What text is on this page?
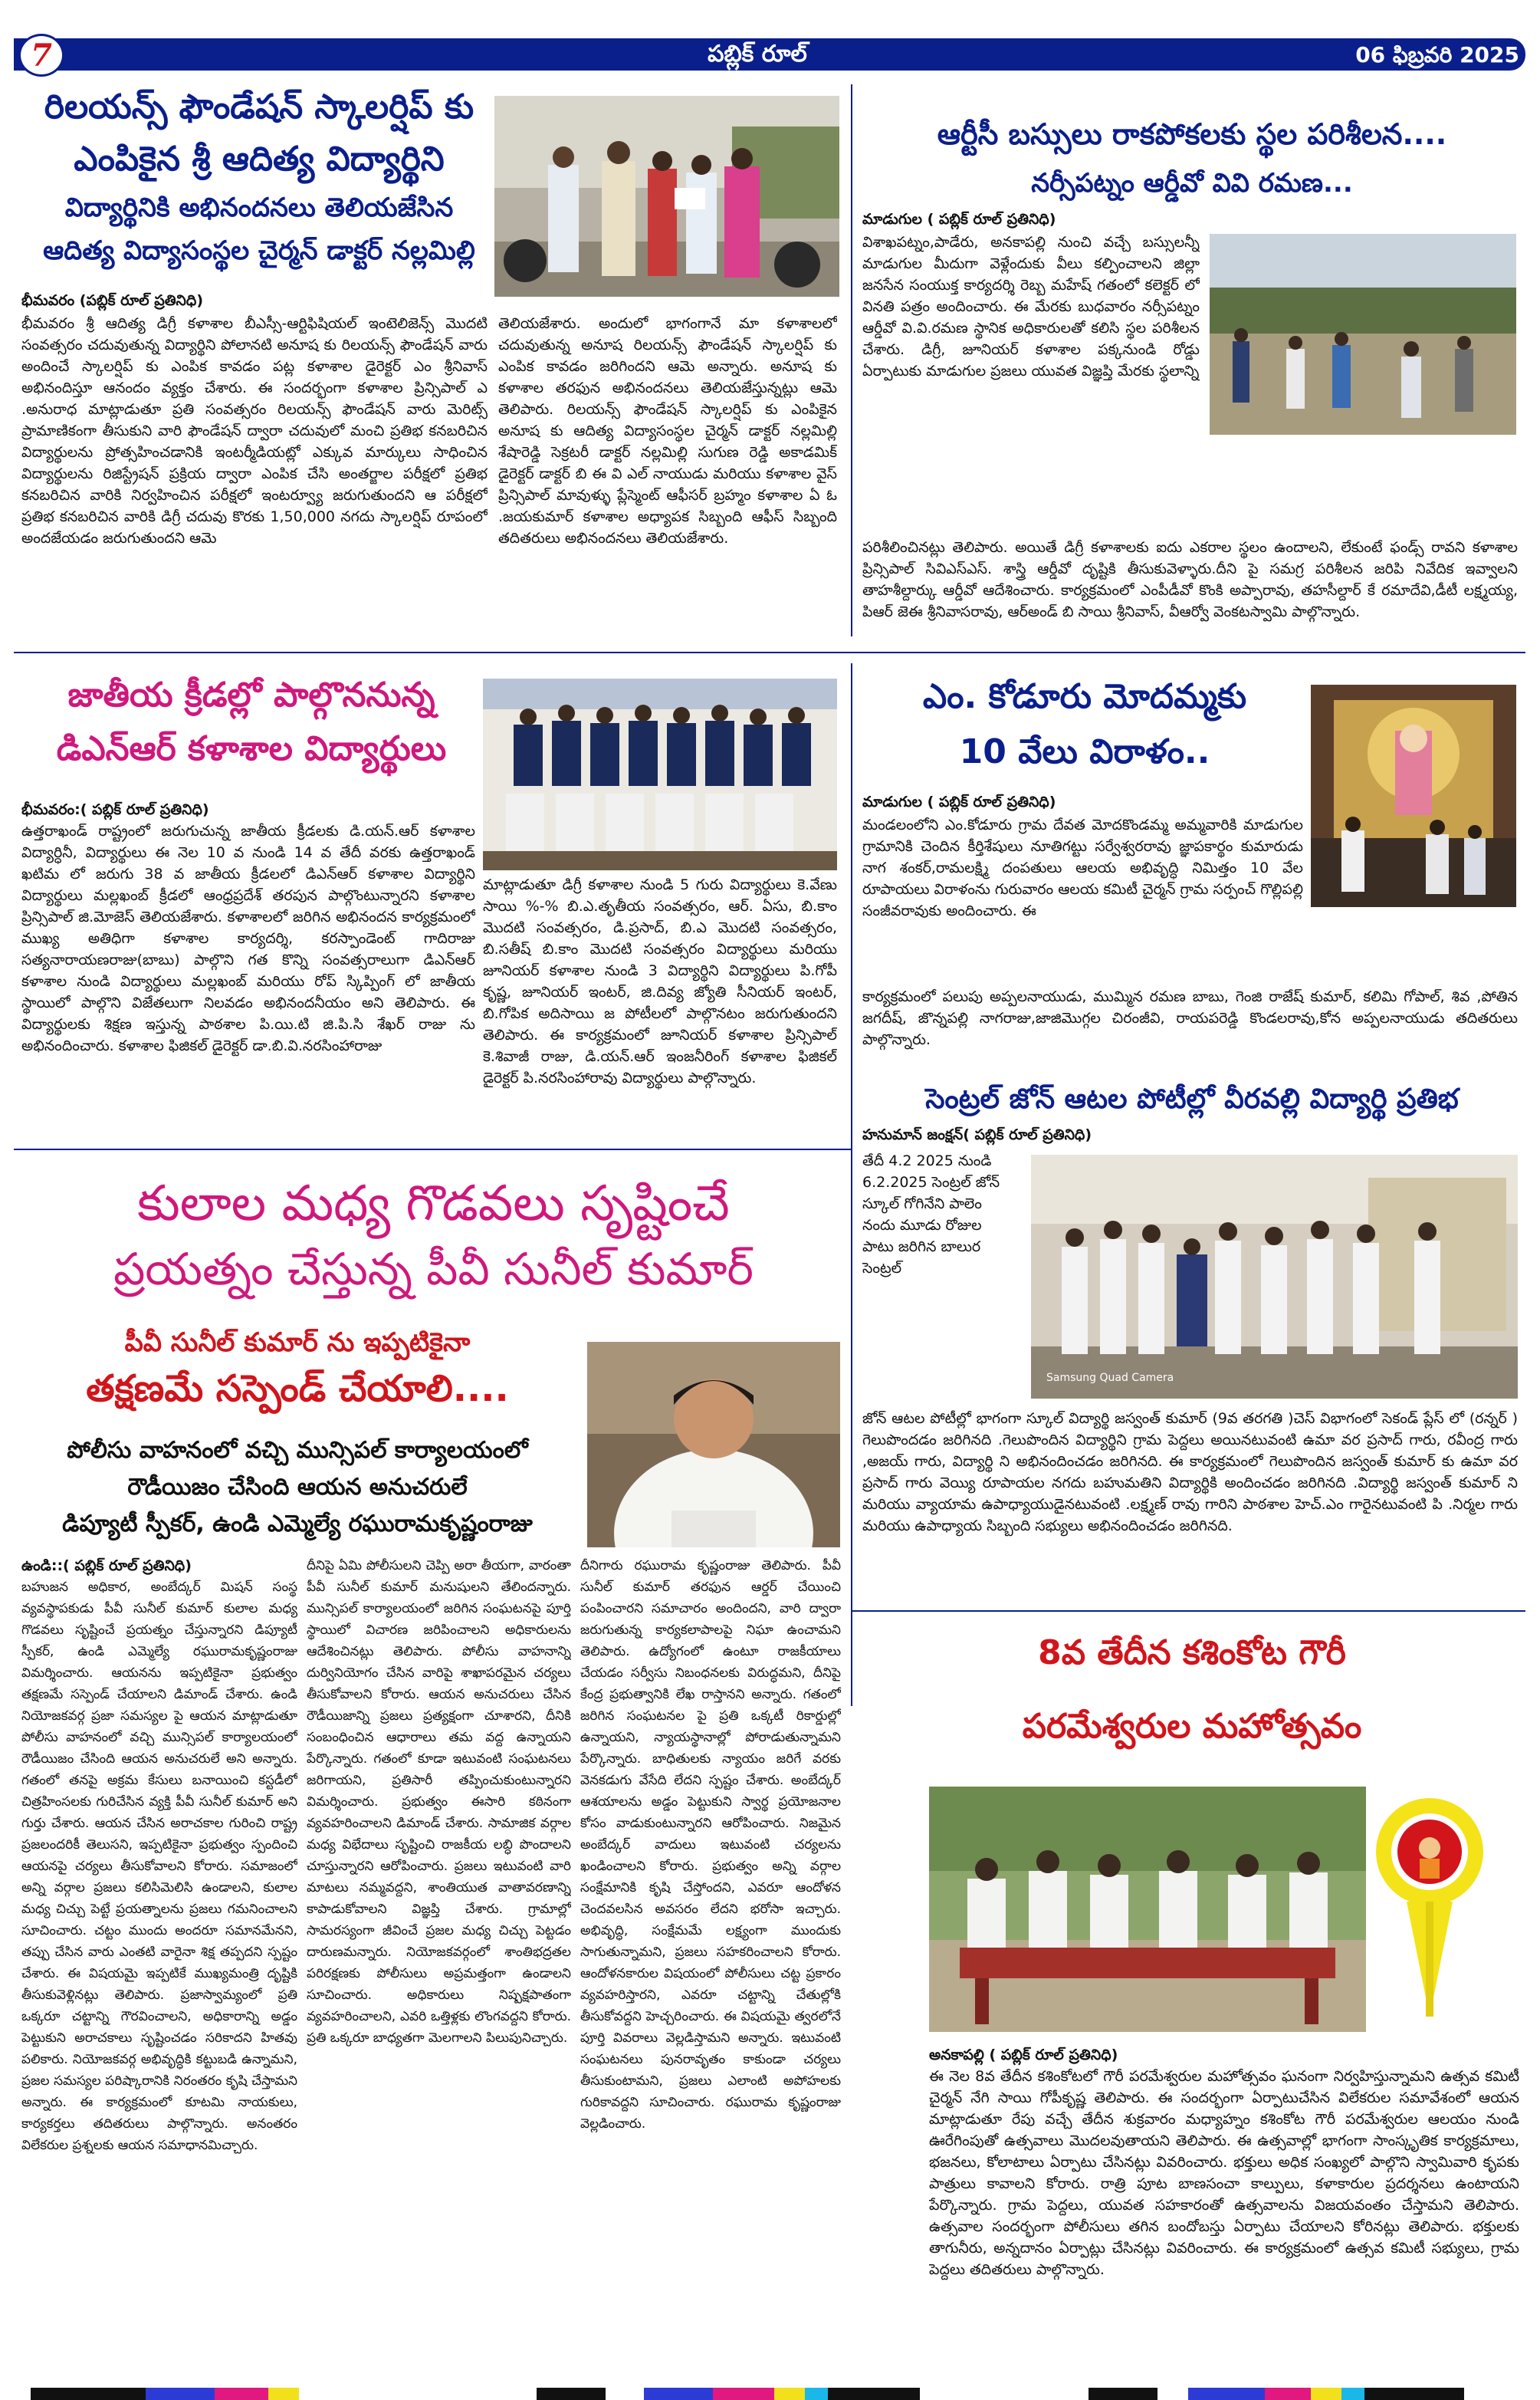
7	పబ్లిక్ రూల్	06 ఫిబ్రవరి 2025
రిలయన్స్ ఫౌండేషన్ స్కాలర్షిప్ కు
ఎంపికైన శ్రీ ఆదిత్య విద్యార్థిని
విద్యార్థినికి అభినందనలు తెలియజేసిన
ఆదిత్య విద్యాసంస్థల చైర్మన్ డాక్టర్ నల్లమిల్లి
భీమవరం (పబ్లిక్ రూల్ ప్రతినిధి)
భీమవరం శ్రీ ఆదిత్య డిగ్రీ కళాశాల బీఎస్సీ-ఆర్టిఫిషియల్ ఇంటెలిజెన్స్ మొదటి సంవత్సరం చదువుతున్న విద్యార్థిని పోలానటి అనూష కు రిలయన్స్ ఫౌండేషన్ వారు అందించే స్కాలర్షిప్ కు ఎంపిక కావడం పట్ల కళాశాల డైరెక్టర్ ఎం శ్రీనివాస్ అభినందిస్తూ ఆనందం వ్యక్తం చేశారు. ఈ సందర్భంగా కళాశాల ప్రిన్సిపాల్ ఎ .అనురాధ మాట్లాడుతూ ప్రతి సంవత్సరం రిలయన్స్ ఫౌండేషన్ వారు మెరిట్స్ ప్రామాణికంగా తీసుకుని వారి ఫౌండేషన్ ద్వారా చదువులో మంచి ప్రతిభ కనబరిచిన విద్యార్థులను ప్రోత్సహించడానికి ఇంటర్మీడియట్లో ఎక్కువ మార్కులు సాధించిన విద్యార్థులను రిజిస్ట్రేషన్ ప్రక్రియ ద్వారా ఎంపిక చేసి అంతర్జాల పరీక్షలో ప్రతిభ కనబరిచిన వారికి నిర్వహించిన పరీక్షలో ఇంటర్వ్యూ జరుగుతుందని ఆ పరీక్షలో ప్రతిభ కనబరిచిన వారికి డిగ్రీ చదువు కొరకు 1,50,000 నగదు స్కాలర్షిప్ రూపంలో అందజేయడం జరుగుతుందని ఆమె
తెలియజేశారు. అందులో భాగంగానే మా కళాశాలలో చదువుతున్న అనూష రిలయన్స్ ఫౌండేషన్ స్కాలర్షిప్ కు ఎంపిక కావడం జరిగిందని ఆమె అన్నారు. అనూష కు కళాశాల తరఫున అభినందనలు తెలియజేస్తున్నట్లు ఆమె తెలిపారు. రిలయన్స్ ఫౌండేషన్ స్కాలర్షిప్ కు ఎంపికైన అనూష కు ఆదిత్య విద్యాసంస్థల చైర్మన్ డాక్టర్ నల్లమిల్లి శేషారెడ్డి సెక్రటరీ డాక్టర్ నల్లమిల్లి సుగుణ రెడ్డి అకాడమిక్ డైరెక్టర్ డాక్టర్ బి ఈ వి ఎల్ నాయుడు మరియు కళాశాల వైస్ ప్రిన్సిపాల్ మావుళ్ళు ప్లేస్మెంట్ ఆఫీసర్ బ్రహ్మం కళాశాల ఏ ఓ .జయకుమార్ కళాశాల అధ్యాపక సిబ్బంది ఆఫీస్ సిబ్బంది తదితరులు అభినందనలు తెలియజేశారు.
ఆర్టీసీ బస్సులు రాకపోకలకు స్థల పరిశీలన....
నర్సీపట్నం ఆర్డీవో వివి రమణ...
మాడుగుల ( పబ్లిక్ రూల్ ప్రతినిధి)
విశాఖపట్నం,పాడేరు, అనకాపల్లి నుంచి వచ్చే బస్సులన్నీ మాడుగుల మీదుగా వెళ్లేందుకు వీలు కల్పించాలని జిల్లా జనసేన సంయుక్త కార్యదర్శి రెబ్బ మహేష్ గతంలో కలెక్టర్ లో వినతి పత్రం అందించారు. ఈ మేరకు బుధవారం నర్సీపట్నం ఆర్డీవో వి.వి.రమణ స్థానిక అధికారులతో కలిసి స్థల పరిశీలన చేశారు. డిగ్రీ, జూనియర్ కళాశాల పక్కనుండి రోడ్డు ఏర్పాటుకు మాడుగుల ప్రజలు యువత విజ్ఞప్తి మేరకు స్థలాన్ని
పరిశీలించినట్లు తెలిపారు. అయితే డిగ్రీ కళాశాలకు ఐదు ఎకరాల స్థలం ఉందాలని, లేకుంటే ఫండ్స్ రావని కళాశాల ప్రిన్సిపాల్ సివిఎస్ఎస్. శాస్త్రి ఆర్డీవో దృష్టికి తీసుకువెళ్ళారు.దీని పై సమగ్ర పరిశీలన జరిపి నివేదిక ఇవ్వాలని తాహశీల్దార్కు ఆర్డీవో ఆదేశించారు. కార్యక్రమంలో ఎంపీడీవో కొంకి అప్పారావు, తహసీల్దార్ కే రమాదేవి,డీటీ లక్ష్మయ్య, పిఆర్ జెఈ శ్రీనివాసరావు, ఆర్అండ్ బి సాయి శ్రీనివాస్, వీఆర్వో వెంకటస్వామి పాల్గొన్నారు.
జాతీయ క్రీడల్లో పాల్గొననున్న
డిఎన్ఆర్ కళాశాల విద్యార్థులు
భీమవరం:( పబ్లిక్ రూల్ ప్రతినిధి)
ఉత్తరాఖండ్ రాష్ట్రంలో జరుగుచున్న జాతీయ క్రీడలకు డి.యన్.ఆర్ కళాశాల విద్యార్ధినీ, విద్యార్థులు ఈ నెల 10 వ నుండి 14 వ తేదీ వరకు ఉత్తరాఖండ్ ఖటిమ లో జరుగు 38 వ జాతీయ క్రీడలలో డిఎన్ఆర్ కళాశాల విద్యార్థిని విద్యార్థులు మల్లఖంబ్ క్రీడలో ఆంధ్రప్రదేశ్ తరపున పాల్గొంటున్నారని కళాశాల ప్రిన్సిపాల్ జి.మోజెస్ తెలియజేశారు. కళాశాలలో జరిగిన అభినందన కార్యక్రమంలో ముఖ్య అతిధిగా కళాశాల కార్యదర్శి, కరస్పాండెంట్ గాదిరాజు సత్యనారాయణరాజు(బాబు) పాల్గొని గత కొన్ని సంవత్సరాలుగా డిఎన్ఆర్ కళాశాల నుండి విద్యార్థులు మల్లఖంబ్ మరియు రోప్ స్కిప్పింగ్ లో జాతీయ స్థాయిలో పాల్గొని విజేతలుగా నిలవడం అభినందనీయం అని తెలిపారు. ఈ విద్యార్థులకు శిక్షణ ఇస్తున్న పాఠశాల పి.యి.టి జి.పి.సి శేఖర్ రాజు ను అభినందించారు. కళాశాల ఫిజికల్ డైరెక్టర్ డా.బి.వి.నరసింహారాజు
మాట్లాడుతూ డిగ్రీ కళాశాల నుండి 5 గురు విద్యార్థులు కె.వేణు సాయి %-% బి.ఎ.తృతీయ సంవత్సరం, ఆర్. ఏసు, బి.కాం మొదటి సంవత్సరం, డి.ప్రసాద్, బి.ఎ మొదటి సంవత్సరం, బి.సతీష్ బి.కాం మొదటి సంవత్సరం విద్యార్థులు మరియు జూనియర్ కళాశాల నుండి 3 విద్యార్థిని విద్యార్థులు పి.గోపీ కృష్ణ, జూనియర్ ఇంటర్, జి.దివ్య జ్యోతి సీనియర్ ఇంటర్, బి.గోపిక అదిసాయి జ పోటీలలో పాల్గొనటం జరుగుతుందని తెలిపారు. ఈ కార్యక్రమంలో జూనియర్ కళాశాల ప్రిన్సిపాల్ కె.శివాజీ రాజు, డి.యన్.ఆర్ ఇంజనీరింగ్ కళాశాల ఫిజికల్ డైరెక్టర్ పి.నరసింహారావు విద్యార్థులు పాల్గొన్నారు.
ఎం. కోడూరు మోదమ్మకు
10 వేలు విరాళం..
మాడుగుల ( పబ్లిక్ రూల్ ప్రతినిధి)
మండలంలోని ఎం.కోడూరు గ్రామ దేవత మోదకొండమ్మ అమ్మవారికి మాడుగుల గ్రామానికి చెందిన కీర్తిశేషులు నూతిగట్టు సర్వేశ్వరరావు జ్ఞాపకార్థం కుమారుడు నాగ శంకర్,రామలక్ష్మి దంపతులు ఆలయ అభివృద్ధి నిమిత్తం 10 వేల రూపాయలు విరాళంను గురువారం ఆలయ కమిటీ చైర్మన్ గ్రామ సర్పంచ్ గొల్లిపల్లి సంజీవరావుకు అందించారు. ఈ
కార్యక్రమంలో పలుపు అప్పలనాయుడు, ముమ్మిన రమణ బాబు, గెంజి రాజేష్ కుమార్, కలిమి గోపాల్, శివ ,పోతిన జగదీష్, జొన్నపల్లి నాగరాజు,జాజిమొగ్గల చిరంజీవి, రాయపరెడ్డి కొండలరావు,కోన అప్పలనాయుడు తదితరులు పాల్గొన్నారు.
సెంట్రల్ జోన్ ఆటల పోటీల్లో వీరవల్లి విద్యార్థి ప్రతిభ
హనుమాన్ జంక్షన్( పబ్లిక్ రూల్ ప్రతినిధి)
తేదీ 4.2 2025 నుండి 6.2.2025 సెంట్రల్ జోన్ స్కూల్ గోగినేని పాలెం నందు మూడు రోజుల పాటు జరిగిన బాలుర సెంట్రల్
Samsung Quad Camera
జోన్ ఆటల పోటీల్లో భాగంగా స్కూల్ విద్యార్థి జస్వంత్ కుమార్ (9వ తరగతి )చెస్ విభాగంలో సెకండ్ ప్లేస్ లో (రన్నర్ ) గెలుపొందడం జరిగినది .గెలుపొందిన విద్యార్థిని గ్రామ పెద్దలు అయినటువంటి ఉమా వర ప్రసాద్ గారు, రవీంద్ర గారు ,అజయ్ గారు, విద్యార్థి ని అభినందించడం జరిగినది. ఈ కార్యక్రమంలో గెలుపొందిన జస్వంత్ కుమార్ కు ఉమా వర ప్రసాద్ గారు వెయ్యి రూపాయల నగదు బహుమతిని విద్యార్థికి అందించడం జరిగినది .విద్యార్థి జస్వంత్ కుమార్ ని మరియు వ్యాయామ ఉపాధ్యాయుడైనటువంటి .లక్ష్మణ్ రావు గారిని పాఠశాల హెచ్.ఎం గారైనటువంటి పి .నిర్మల గారు మరియు ఉపాధ్యాయ సిబ్బంది సభ్యులు అభినందించడం జరిగినది.
కులాల మధ్య గొడవలు సృష్టించే
ప్రయత్నం చేస్తున్న పీవీ సునీల్ కుమార్
పీవీ సునీల్ కుమార్ ను ఇప్పటికైనా
తక్షణమే సస్పెండ్ చేయాలి....
పోలీసు వాహనంలో వచ్చి మున్సిపల్ కార్యాలయంలో
రౌడీయిజం చేసింది ఆయన అనుచరులే
డిప్యూటీ స్పీకర్, ఉండి ఎమ్మెల్యే రఘురామకృష్ణంరాజు
ఉండి::( పబ్లిక్ రూల్ ప్రతినిధి)
బహుజన అధికార, అంబేద్కర్ మిషన్ సంస్థ వ్యవస్థాపకుడు పీవీ సునీల్ కుమార్ కులాల మధ్య గొడవలు సృష్టించే ప్రయత్నం చేస్తున్నారని డిప్యూటీ స్పీకర్, ఉండి ఎమ్మెల్యే రఘురామకృష్ణంరాజు విమర్శించారు. ఆయనను ఇప్పటికైనా ప్రభుత్వం తక్షణమే సస్పెండ్ చేయాలని డిమాండ్ చేశారు. ఉండి నియోజకవర్గ ప్రజా సమస్యల పై ఆయన మాట్లాడుతూ పోలీసు వాహనంలో వచ్చి మున్సిపల్ కార్యాలయంలో రౌడీయిజం చేసింది ఆయన అనుచరులే అని అన్నారు. గతంలో తనపై అక్రమ కేసులు బనాయించి కస్టడీలో చిత్రహింసలకు గురిచేసిన వ్యక్తి పీవీ సునీల్ కుమార్ అని గుర్తు చేశారు. ఆయన చేసిన అరాచకాల గురించి రాష్ట్ర ప్రజలందరికీ తెలుసని, ఇప్పటికైనా ప్రభుత్వం స్పందించి ఆయనపై చర్యలు తీసుకోవాలని కోరారు. సమాజంలో అన్ని వర్గాల ప్రజలు కలిసిమెలిసి ఉండాలని, కులాల మధ్య చిచ్చు పెట్టే ప్రయత్నాలను ప్రజలు గమనించాలని సూచించారు. చట్టం ముందు అందరూ సమానమేనని, తప్పు చేసిన వారు ఎంతటి వారైనా శిక్ష తప్పదని స్పష్టం చేశారు. ఈ విషయమై ఇప్పటికే ముఖ్యమంత్రి దృష్టికి తీసుకువెళ్లినట్లు తెలిపారు. ప్రజాస్వామ్యంలో ప్రతి ఒక్కరూ చట్టాన్ని గౌరవించాలని, అధికారాన్ని అడ్డం పెట్టుకుని అరాచకాలు సృష్టించడం సరికాదని హితవు పలికారు. నియోజకవర్గ అభివృద్ధికి కట్టుబడి ఉన్నామని, ప్రజల సమస్యల పరిష్కారానికి నిరంతరం కృషి చేస్తామని అన్నారు. ఈ కార్యక్రమంలో కూటమి నాయకులు, కార్యకర్తలు తదితరులు పాల్గొన్నారు. అనంతరం విలేకరుల ప్రశ్నలకు ఆయన సమాధానమిచ్చారు.
దీనిపై ఏమి పోలీసులని చెప్పి అరా తీయగా, వారంతా పీవీ సునీల్ కుమార్ మనుషులని తేలిందన్నారు. మున్సిపల్ కార్యాలయంలో జరిగిన సంఘటనపై పూర్తి స్థాయిలో విచారణ జరిపించాలని అధికారులను ఆదేశించినట్లు తెలిపారు. పోలీసు వాహనాన్ని దుర్వినియోగం చేసిన వారిపై శాఖాపరమైన చర్యలు తీసుకోవాలని కోరారు. ఆయన అనుచరులు చేసిన రౌడీయిజాన్ని ప్రజలు ప్రత్యక్షంగా చూశారని, దీనికి సంబంధించిన ఆధారాలు తమ వద్ద ఉన్నాయని పేర్కొన్నారు. గతంలో కూడా ఇటువంటి సంఘటనలు జరిగాయని, ప్రతిసారీ తప్పించుకుంటున్నారని విమర్శించారు. ప్రభుత్వం ఈసారి కఠినంగా వ్యవహరించాలని డిమాండ్ చేశారు. సామాజిక వర్గాల మధ్య విభేదాలు సృష్టించి రాజకీయ లబ్ధి పొందాలని చూస్తున్నారని ఆరోపించారు. ప్రజలు ఇటువంటి వారి మాటలు నమ్మవద్దని, శాంతియుత వాతావరణాన్ని కాపాడుకోవాలని విజ్ఞప్తి చేశారు. గ్రామాల్లో సామరస్యంగా జీవించే ప్రజల మధ్య చిచ్చు పెట్టడం దారుణమన్నారు. నియోజకవర్గంలో శాంతిభద్రతల పరిరక్షణకు పోలీసులు అప్రమత్తంగా ఉండాలని సూచించారు. అధికారులు నిష్పక్షపాతంగా వ్యవహరించాలని, ఎవరి ఒత్తిళ్లకు లొంగవద్దని కోరారు. ప్రతి ఒక్కరూ బాధ్యతగా మెలగాలని పిలుపునిచ్చారు.
దీనిగారు రఘురామ కృష్ణంరాజు తెలిపారు. పీవీ సునీల్ కుమార్ తరఫున ఆర్డర్ చేయించి పంపించారని సమాచారం అందిందని, వారి ద్వారా జరుగుతున్న కార్యకలాపాలపై నిఘా ఉంచామని తెలిపారు. ఉద్యోగంలో ఉంటూ రాజకీయాలు చేయడం సర్వీసు నిబంధనలకు విరుద్ధమని, దీనిపై కేంద్ర ప్రభుత్వానికి లేఖ రాస్తానని అన్నారు. గతంలో జరిగిన సంఘటనల పై ప్రతి ఒక్కటీ రికార్డుల్లో ఉన్నాయని, న్యాయస్థానాల్లో పోరాడుతున్నామని పేర్కొన్నారు. బాధితులకు న్యాయం జరిగే వరకు వెనకడుగు వేసేది లేదని స్పష్టం చేశారు. అంబేద్కర్ ఆశయాలను అడ్డం పెట్టుకుని స్వార్థ ప్రయోజనాల కోసం వాడుకుంటున్నారని ఆరోపించారు. నిజమైన అంబేద్కర్ వాదులు ఇటువంటి చర్యలను ఖండించాలని కోరారు. ప్రభుత్వం అన్ని వర్గాల సంక్షేమానికి కృషి చేస్తోందని, ఎవరూ ఆందోళన చెందవలసిన అవసరం లేదని భరోసా ఇచ్చారు. అభివృద్ధి, సంక్షేమమే లక్ష్యంగా ముందుకు సాగుతున్నామని, ప్రజలు సహకరించాలని కోరారు. ఆందోళనకారుల విషయంలో పోలీసులు చట్ట ప్రకారం వ్యవహరిస్తారని, ఎవరూ చట్టాన్ని చేతుల్లోకి తీసుకోవద్దని హెచ్చరించారు. ఈ విషయమై త్వరలోనే పూర్తి వివరాలు వెల్లడిస్తామని అన్నారు. ఇటువంటి సంఘటనలు పునరావృతం కాకుండా చర్యలు తీసుకుంటామని, ప్రజలు ఎలాంటి అపోహలకు గురికావద్దని సూచించారు. రఘురామ కృష్ణంరాజు వెల్లడించారు.
8వ తేదీన కశింకోట గౌరీ
పరమేశ్వరుల మహోత్సవం
అనకాపల్లి ( పబ్లిక్ రూల్ ప్రతినిధి)
ఈ నెల 8వ తేదీన కశింకోటలో గౌరీ పరమేశ్వరుల మహోత్సవం ఘనంగా నిర్వహిస్తున్నామని ఉత్సవ కమిటీ చైర్మన్ నేగి సాయి గోపీకృష్ణ తెలిపారు. ఈ సందర్భంగా ఏర్పాటుచేసిన విలేకరుల సమావేశంలో ఆయన మాట్లాడుతూ రేపు వచ్చే తేదీన శుక్రవారం మధ్యాహ్నం కశింకోట గౌరీ పరమేశ్వరుల ఆలయం నుండి ఊరేగింపుతో ఉత్సవాలు మొదలవుతాయని తెలిపారు. ఈ ఉత్సవాల్లో భాగంగా సాంస్కృతిక కార్యక్రమాలు, భజనలు, కోలాటాలు ఏర్పాటు చేసినట్లు వివరించారు. భక్తులు అధిక సంఖ్యలో పాల్గొని స్వామివారి కృపకు పాత్రులు కావాలని కోరారు. రాత్రి పూట బాణసంచా కాల్పులు, కళాకారుల ప్రదర్శనలు ఉంటాయని పేర్కొన్నారు. గ్రామ పెద్దలు, యువత సహకారంతో ఉత్సవాలను విజయవంతం చేస్తామని తెలిపారు. ఉత్సవాల సందర్భంగా పోలీసులు తగిన బందోబస్తు ఏర్పాటు చేయాలని కోరినట్లు తెలిపారు. భక్తులకు తాగునీరు, అన్నదానం ఏర్పాట్లు చేసినట్లు వివరించారు. ఈ కార్యక్రమంలో ఉత్సవ కమిటీ సభ్యులు, గ్రామ పెద్దలు తదితరులు పాల్గొన్నారు.
